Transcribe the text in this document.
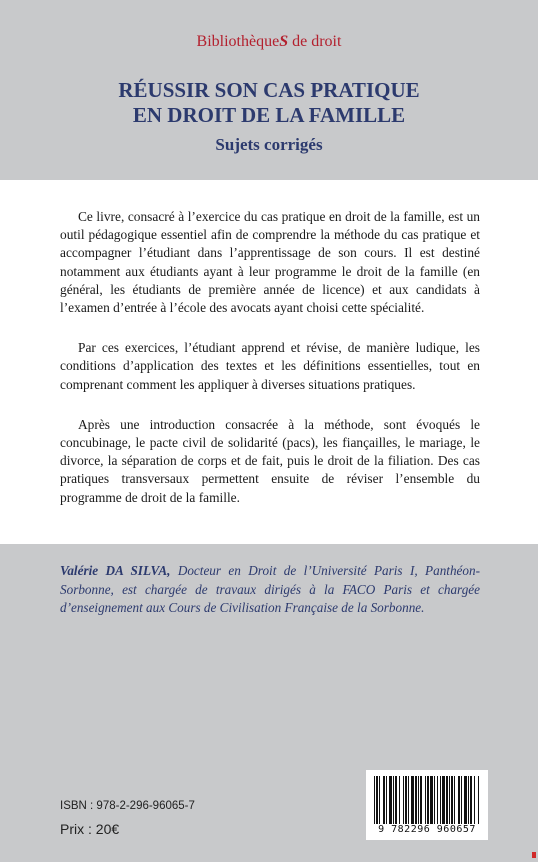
BibliothèqueS de droit
RÉUSSIR SON CAS PRATIQUE
EN DROIT DE LA FAMILLE
Sujets corrigés

Ce livre, consacré à l’exercice du cas pratique en droit de la famille, est un outil pédagogique essentiel afin de comprendre la méthode du cas pratique et accompagner l’étudiant dans l’apprentissage de son cours. Il est destiné notamment aux étudiants ayant à leur programme le droit de la famille (en général, les étudiants de première année de licence) et aux candidats à l’examen d’entrée à l’école des avocats ayant choisi cette spécialité.

Par ces exercices, l’étudiant apprend et révise, de manière ludique, les conditions d’application des textes et les définitions essentielles, tout en comprenant comment les appliquer à diverses situations pratiques.

Après une introduction consacrée à la méthode, sont évoqués le concubinage, le pacte civil de solidarité (pacs), les fiançailles, le mariage, le divorce, la séparation de corps et de fait, puis le droit de la filiation. Des cas pratiques transversaux permettent ensuite de réviser l’ensemble du programme de droit de la famille.

Valérie DA SILVA, Docteur en Droit de l’Université Paris I, Panthéon-Sorbonne, est chargée de travaux dirigés à la FACO Paris et chargée d’enseignement aux Cours de Civilisation Française de la Sorbonne.
ISBN : 978-2-296-96065-7
Prix : 20€	9 782296 960657
